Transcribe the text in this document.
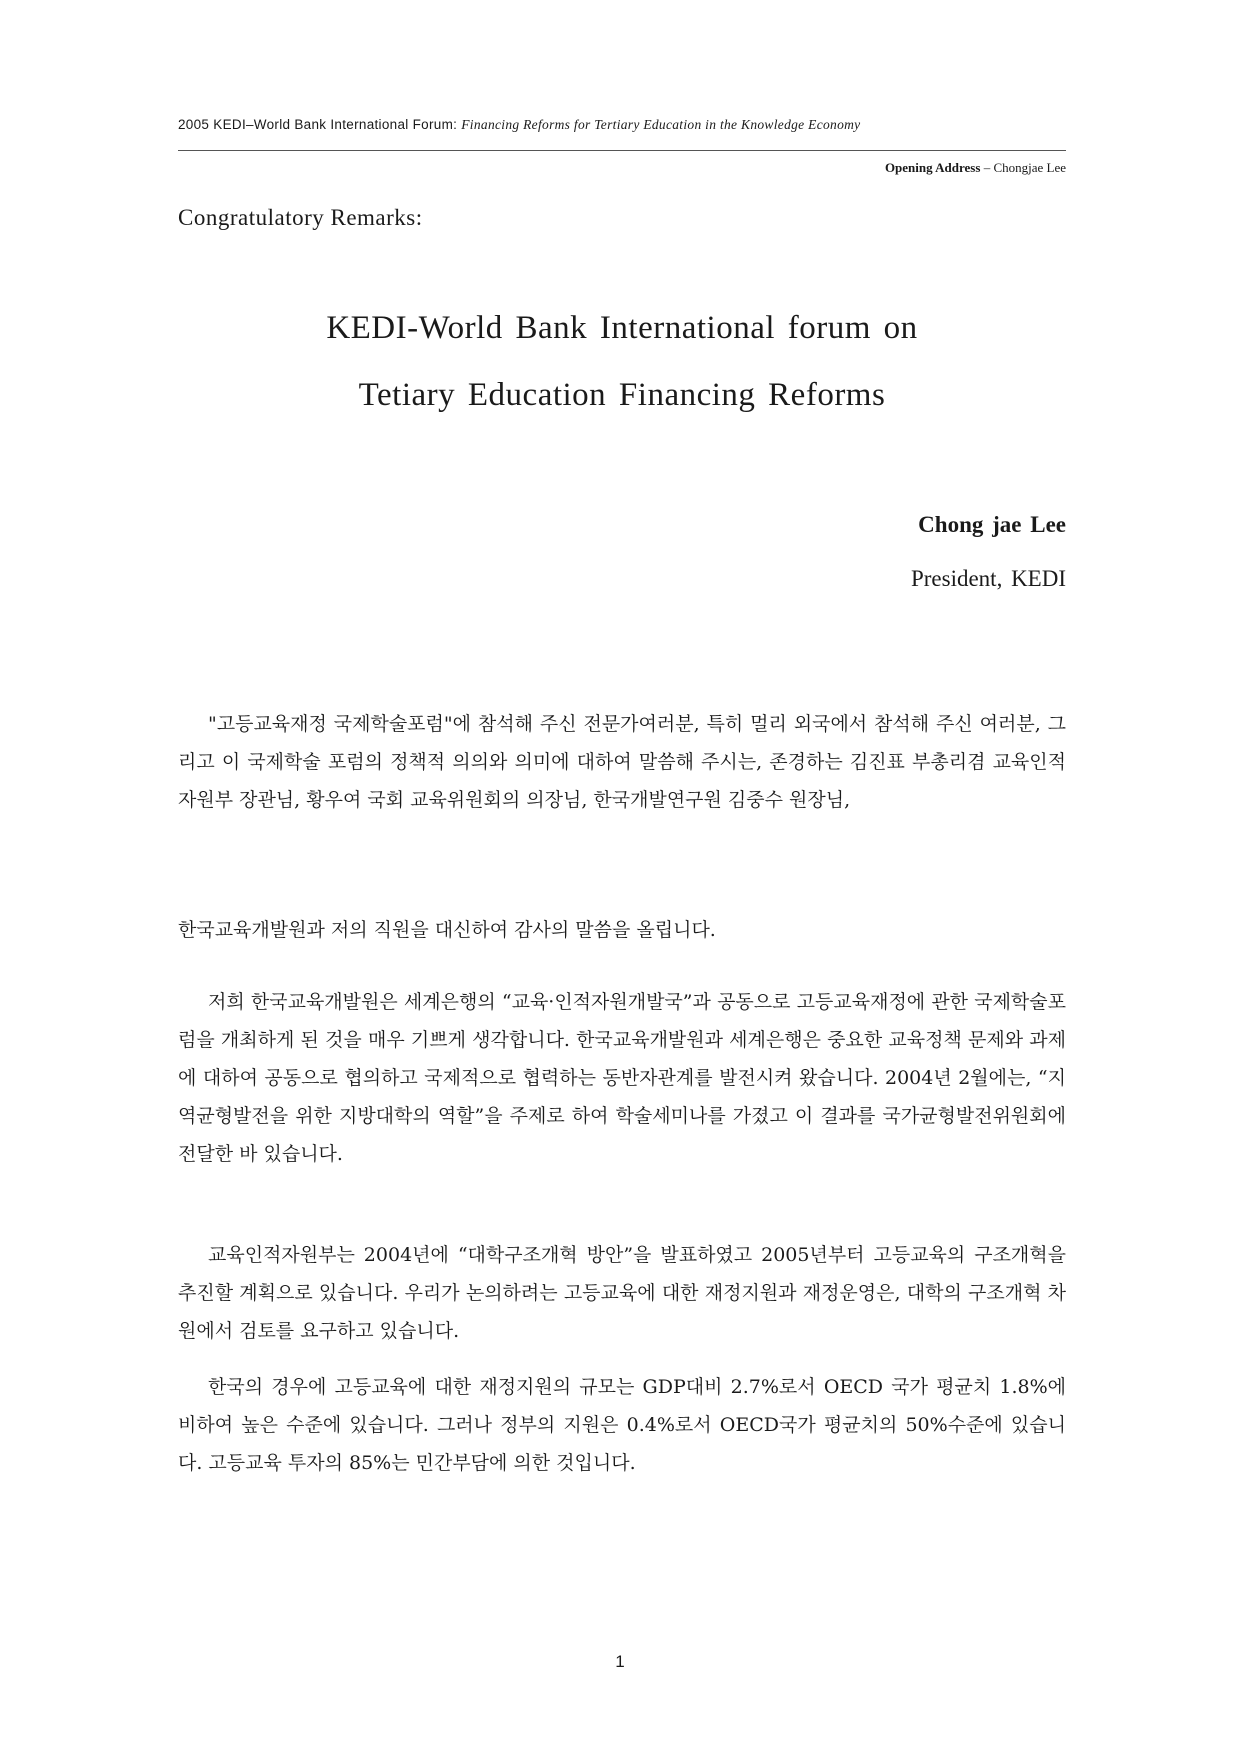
2005 KEDI–World Bank International Forum: Financing Reforms for Tertiary Education in the Knowledge Economy
Opening Address – Chongjae Lee
Congratulatory Remarks:
KEDI-World Bank International forum on
Tetiary Education Financing Reforms
Chong jae Lee
President, KEDI

"고등교육재정 국제학술포럼"에 참석해 주신 전문가여러분, 특히 멀리 외국에서 참석해 주신 여러분, 그리고 이 국제학술 포럼의 정책적 의의와 의미에 대하여 말씀해 주시는, 존경하는 김진표 부총리겸 교육인적자원부 장관님, 황우여 국회 교육위원회의 의장님, 한국개발연구원 김중수 원장님,

한국교육개발원과 저의 직원을 대신하여 감사의 말씀을 올립니다.

저희 한국교육개발원은 세계은행의 “교육·인적자원개발국”과 공동으로 고등교육재정에 관한 국제학술포럼을 개최하게 된 것을 매우 기쁘게 생각합니다. 한국교육개발원과 세계은행은 중요한 교육정책 문제와 과제에 대하여 공동으로 협의하고 국제적으로 협력하는 동반자관계를 발전시켜 왔습니다. 2004년 2월에는, “지역균형발전을 위한 지방대학의 역할”을 주제로 하여 학술세미나를 가졌고 이 결과를 국가균형발전위원회에 전달한 바 있습니다.

교육인적자원부는 2004년에 “대학구조개혁 방안”을 발표하였고 2005년부터 고등교육의 구조개혁을 추진할 계획으로 있습니다. 우리가 논의하려는 고등교육에 대한 재정지원과 재정운영은, 대학의 구조개혁 차원에서 검토를 요구하고 있습니다.

한국의 경우에 고등교육에 대한 재정지원의 규모는 GDP대비 2.7%로서 OECD 국가 평균치 1.8%에 비하여 높은 수준에 있습니다. 그러나 정부의 지원은 0.4%로서 OECD국가 평균치의 50%수준에 있습니다. 고등교육 투자의 85%는 민간부담에 의한 것입니다.

1
